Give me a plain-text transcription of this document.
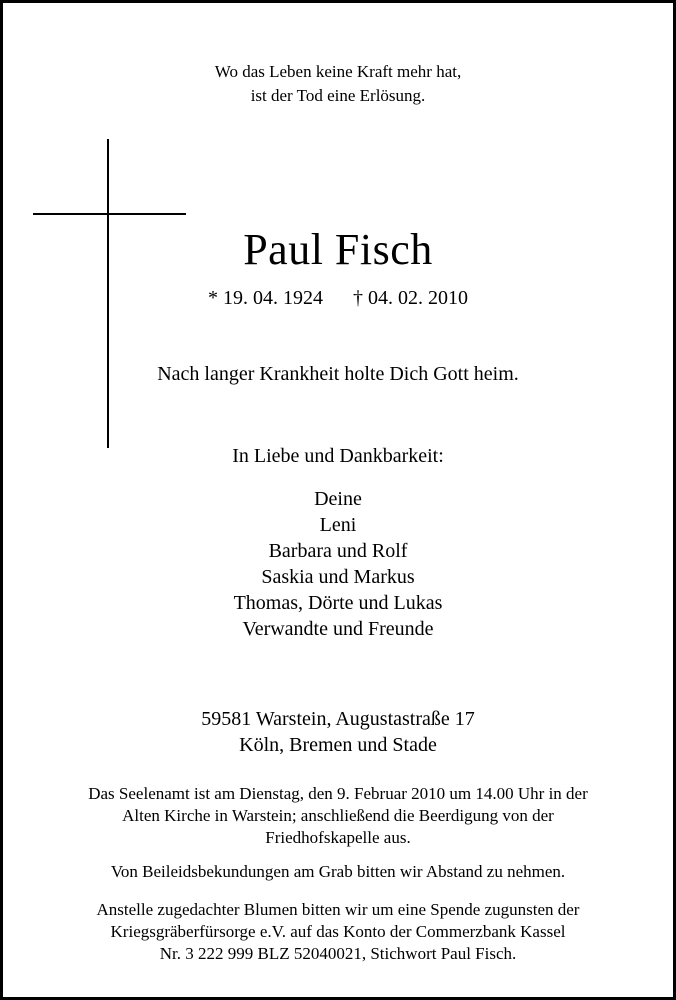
Wo das Leben keine Kraft mehr hat,
ist der Tod eine Erlösung.
Paul Fisch
* 19. 04. 1924 † 04. 02. 2010
Nach langer Krankheit holte Dich Gott heim.
In Liebe und Dankbarkeit:
Deine
Leni
Barbara und Rolf
Saskia und Markus
Thomas, Dörte und Lukas
Verwandte und Freunde
59581 Warstein, Augustastraße 17
Köln, Bremen und Stade
Das Seelenamt ist am Dienstag, den 9. Februar 2010 um 14.00 Uhr in der
Alten Kirche in Warstein; anschließend die Beerdigung von der
Friedhofskapelle aus.
Von Beileidsbekundungen am Grab bitten wir Abstand zu nehmen.
Anstelle zugedachter Blumen bitten wir um eine Spende zugunsten der
Kriegsgräberfürsorge e.V. auf das Konto der Commerzbank Kassel
Nr. 3 222 999 BLZ 52040021, Stichwort Paul Fisch.
